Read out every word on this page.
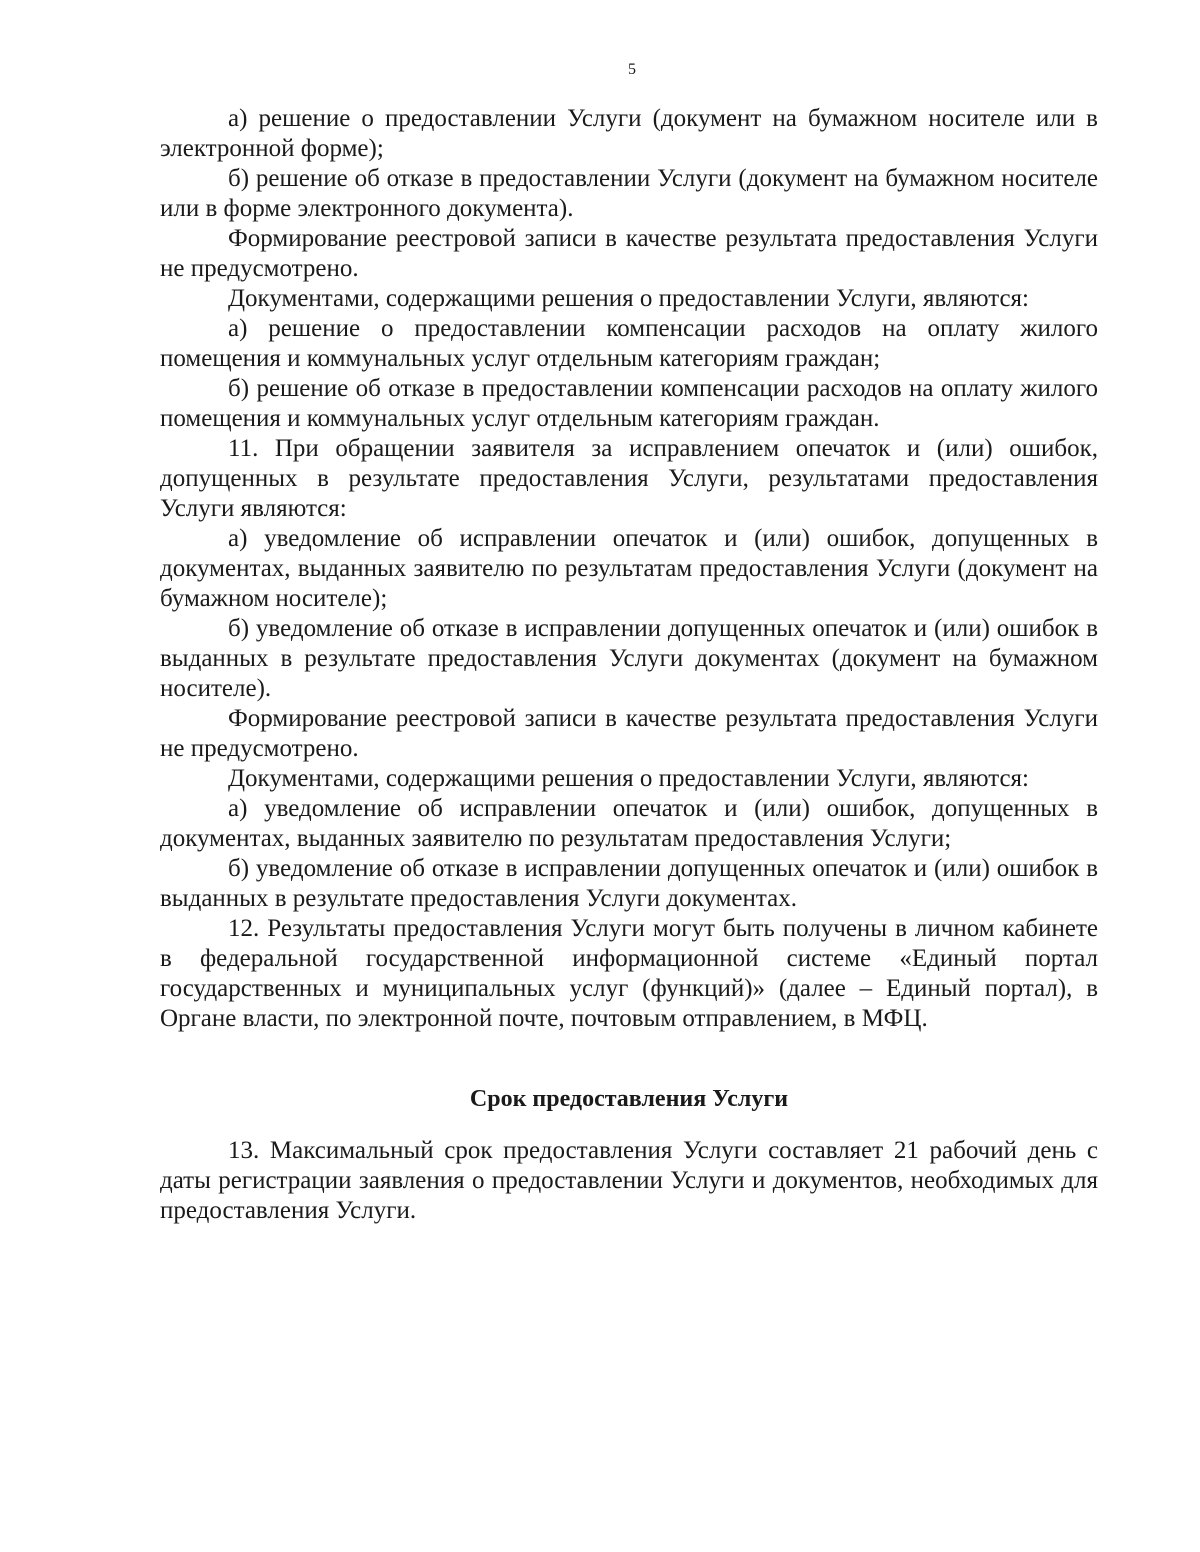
5

а) решение о предоставлении Услуги (документ на бумажном носителе или в электронной форме);

б) решение об отказе в предоставлении Услуги (документ на бумажном носителе или в форме электронного документа).

Формирование реестровой записи в качестве результата предоставления Услуги не предусмотрено.

Документами, содержащими решения о предоставлении Услуги, являются:

а) решение о предоставлении компенсации расходов на оплату жилого помещения и коммунальных услуг отдельным категориям граждан;

б) решение об отказе в предоставлении компенсации расходов на оплату жилого помещения и коммунальных услуг отдельным категориям граждан.

11. При обращении заявителя за исправлением опечаток и (или) ошибок, допущенных в результате предоставления Услуги, результатами предоставления Услуги являются:

а) уведомление об исправлении опечаток и (или) ошибок, допущенных в документах, выданных заявителю по результатам предоставления Услуги (документ на бумажном носителе);

б) уведомление об отказе в исправлении допущенных опечаток и (или) ошибок в выданных в результате предоставления Услуги документах (документ на бумажном носителе).

Формирование реестровой записи в качестве результата предоставления Услуги не предусмотрено.

Документами, содержащими решения о предоставлении Услуги, являются:

а) уведомление об исправлении опечаток и (или) ошибок, допущенных в документах, выданных заявителю по результатам предоставления Услуги;

б) уведомление об отказе в исправлении допущенных опечаток и (или) ошибок в выданных в результате предоставления Услуги документах.

12. Результаты предоставления Услуги могут быть получены в личном кабинете в федеральной государственной информационной системе «Единый портал государственных и муниципальных услуг (функций)» (далее – Единый портал), в Органе власти, по электронной почте, почтовым отправлением, в МФЦ.

Срок предоставления Услуги

13. Максимальный срок предоставления Услуги составляет 21 рабочий день с даты регистрации заявления о предоставлении Услуги и документов, необходимых для предоставления Услуги.
